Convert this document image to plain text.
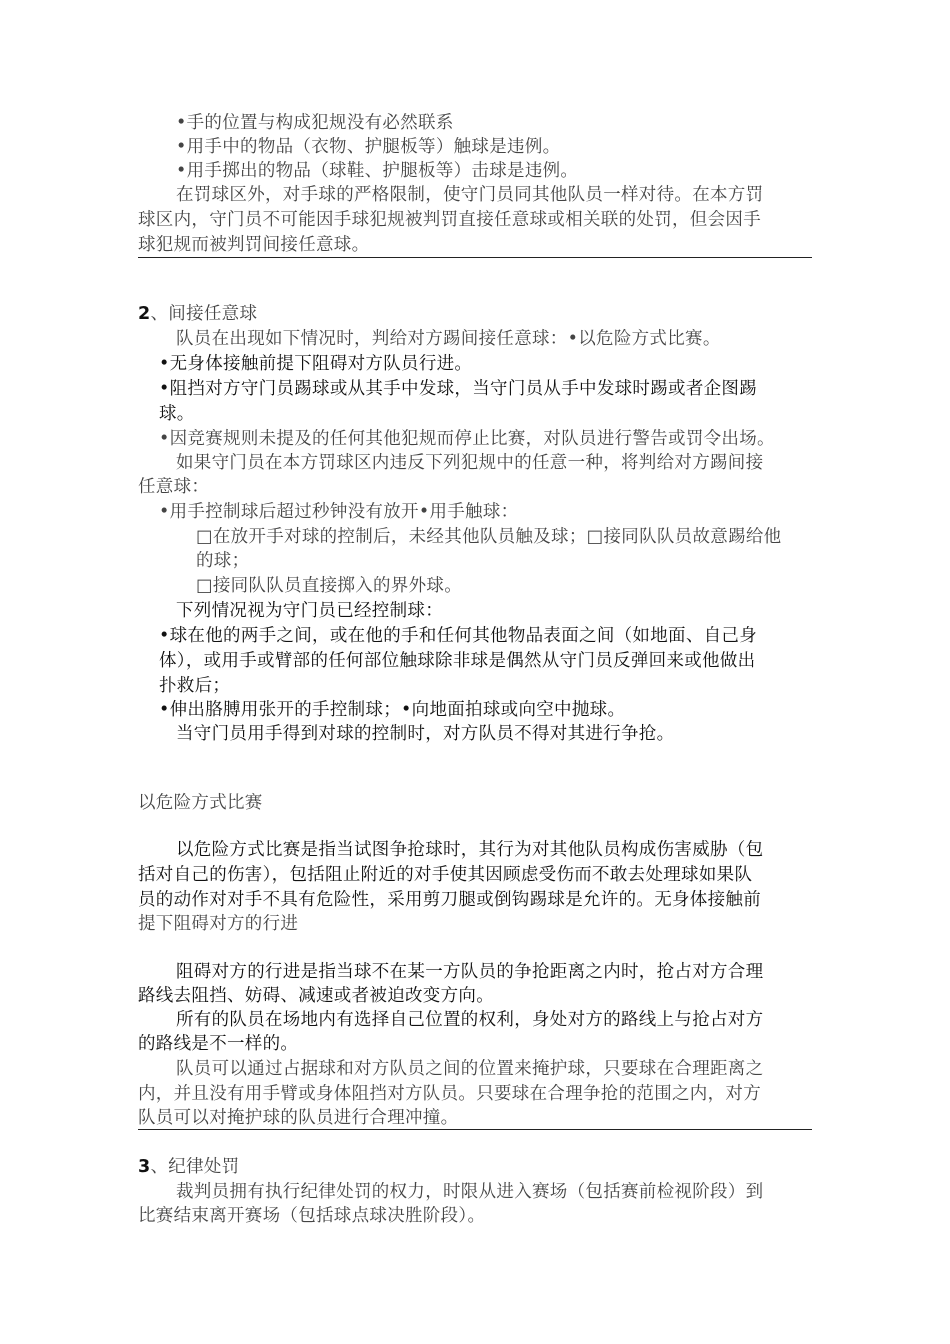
•手的位置与构成犯规没有必然联系

•用手中的物品（衣物、护腿板等）触球是违例。

•用手掷出的物品（球鞋、护腿板等）击球是违例。

在罚球区外，对手球的严格限制，使守门员同其他队员一样对待。在本方罚

球区内，守门员不可能因手球犯规被判罚直接任意球或相关联的处罚，但会因手

球犯规而被判罚间接任意球。

2、间接任意球

队员在出现如下情况时，判给对方踢间接任意球：•以危险方式比赛。

•无身体接触前提下阻碍对方队员行进。

•阻挡对方守门员踢球或从其手中发球，当守门员从手中发球时踢或者企图踢

球。

•因竞赛规则未提及的任何其他犯规而停止比赛，对队员进行警告或罚令出场。

如果守门员在本方罚球区内违反下列犯规中的任意一种，将判给对方踢间接

任意球：

•用手控制球后超过秒钟没有放开•用手触球：

□在放开手对球的控制后，未经其他队员触及球；□接同队队员故意踢给他

的球；

□接同队队员直接掷入的界外球。

下列情况视为守门员已经控制球：

•球在他的两手之间，或在他的手和任何其他物品表面之间（如地面、自己身

体），或用手或臂部的任何部位触球除非球是偶然从守门员反弹回来或他做出

扑救后；

•伸出胳膊用张开的手控制球；•向地面拍球或向空中抛球。

当守门员用手得到对球的控制时，对方队员不得对其进行争抢。

以危险方式比赛

以危险方式比赛是指当试图争抢球时，其行为对其他队员构成伤害威胁（包

括对自己的伤害），包括阻止附近的对手使其因顾虑受伤而不敢去处理球如果队

员的动作对对手不具有危险性，采用剪刀腿或倒钩踢球是允许的。无身体接触前

提下阻碍对方的行进

阻碍对方的行进是指当球不在某一方队员的争抢距离之内时，抢占对方合理

路线去阻挡、妨碍、减速或者被迫改变方向。

所有的队员在场地内有选择自己位置的权利，身处对方的路线上与抢占对方

的路线是不一样的。

队员可以通过占据球和对方队员之间的位置来掩护球，只要球在合理距离之

内，并且没有用手臂或身体阻挡对方队员。只要球在合理争抢的范围之内，对方

队员可以对掩护球的队员进行合理冲撞。

3、纪律处罚

裁判员拥有执行纪律处罚的权力，时限从进入赛场（包括赛前检视阶段）到

比赛结束离开赛场（包括球点球决胜阶段）。
